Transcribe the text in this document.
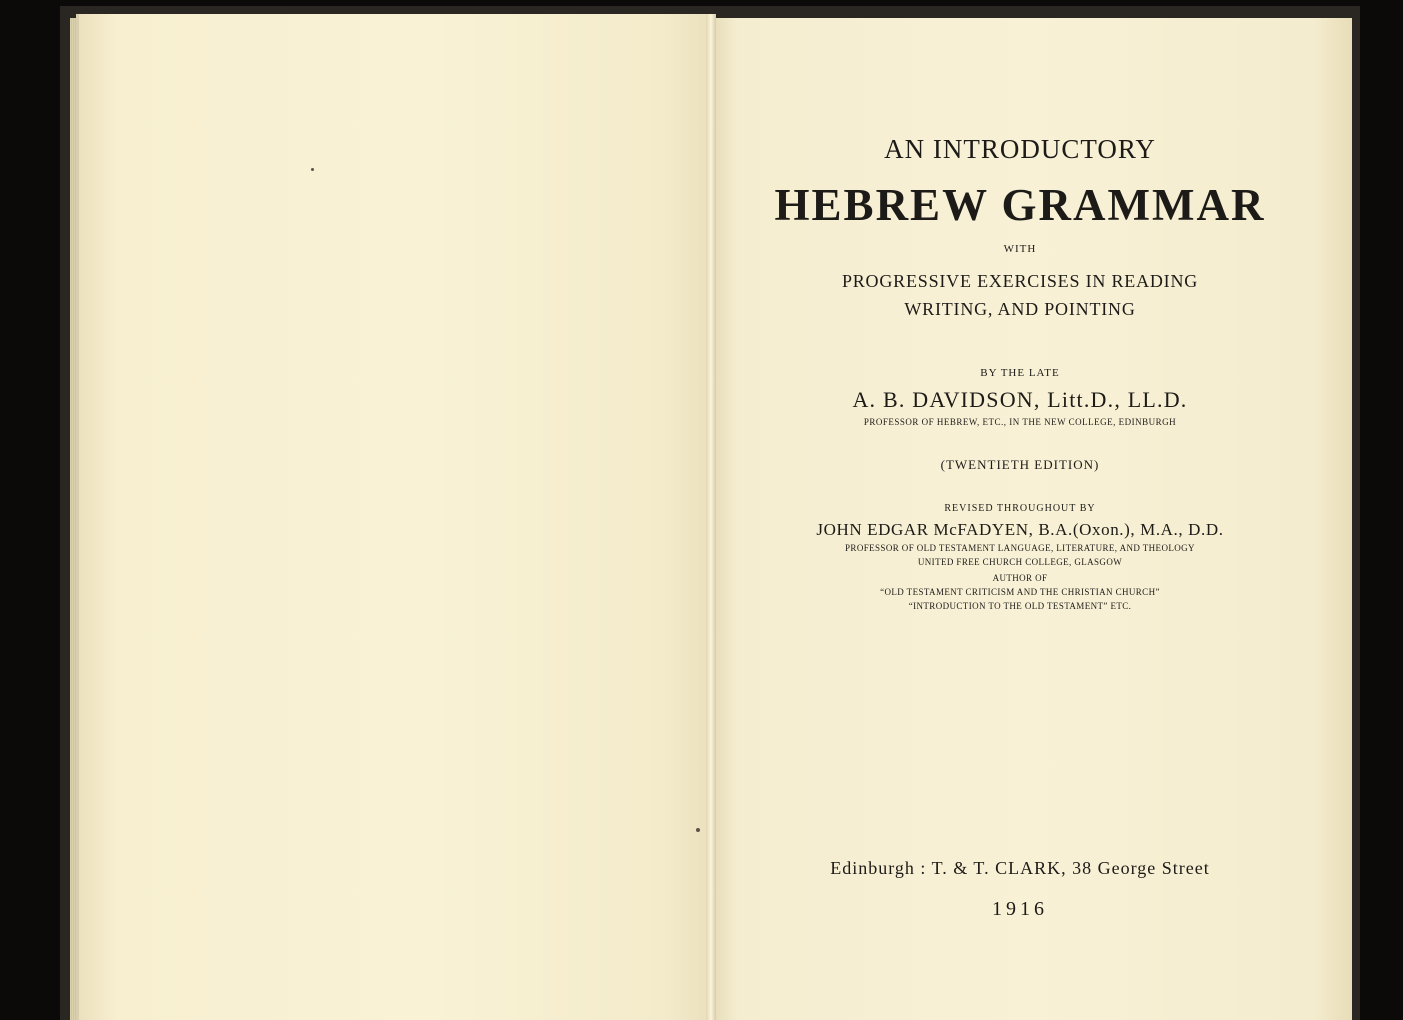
AN INTRODUCTORY
HEBREW GRAMMAR
WITH
PROGRESSIVE EXERCISES IN READING
WRITING, AND POINTING
BY THE LATE
A. B. DAVIDSON, Litt.D., LL.D.
PROFESSOR OF HEBREW, ETC., IN THE NEW COLLEGE, EDINBURGH
(TWENTIETH EDITION)
REVISED THROUGHOUT BY
JOHN EDGAR McFADYEN, B.A.(Oxon.), M.A., D.D.
PROFESSOR OF OLD TESTAMENT LANGUAGE, LITERATURE, AND THEOLOGY
UNITED FREE CHURCH COLLEGE, GLASGOW
AUTHOR OF
“OLD TESTAMENT CRITICISM AND THE CHRISTIAN CHURCH”
“INTRODUCTION TO THE OLD TESTAMENT” ETC.
Edinburgh : T. & T. CLARK, 38 George Street
1916
